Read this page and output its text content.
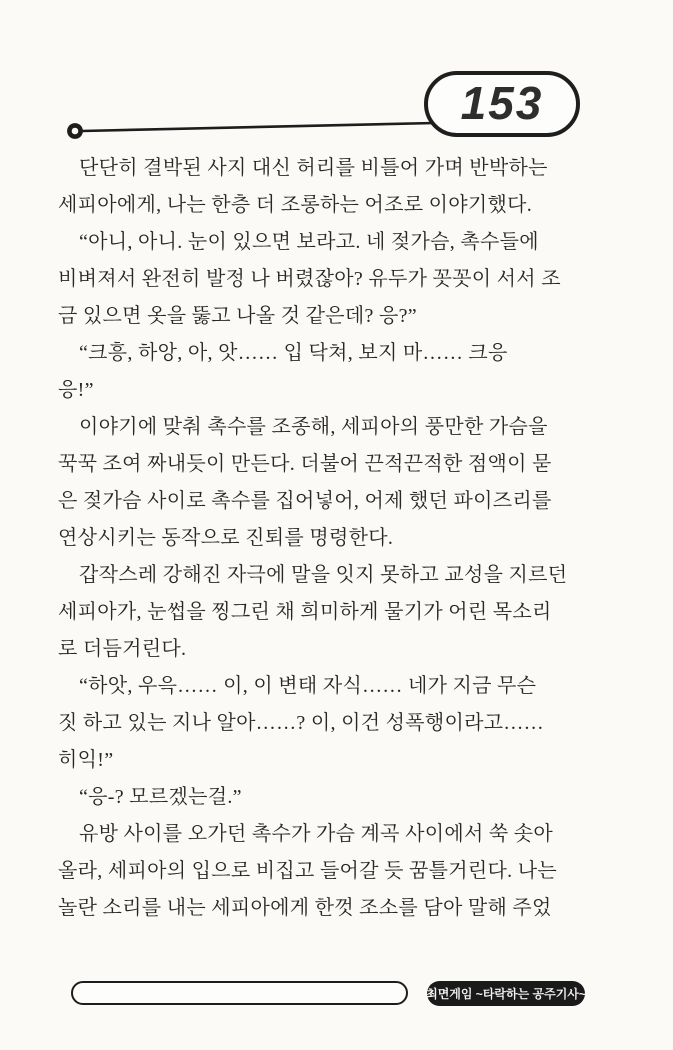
153
단단히 결박된 사지 대신 허리를 비틀어 가며 반박하는
세피아에게, 나는 한층 더 조롱하는 어조로 이야기했다.
“아니, 아니. 눈이 있으면 보라고. 네 젖가슴, 촉수들에
비벼져서 완전히 발정 나 버렸잖아? 유두가 꼿꼿이 서서 조
금 있으면 옷을 뚫고 나올 것 같은데? 응?”
“크흥, 하앙, 아, 앗…… 입 닥쳐, 보지 마…… 크응
응!”
이야기에 맞춰 촉수를 조종해, 세피아의 풍만한 가슴을
꾹꾹 조여 짜내듯이 만든다. 더불어 끈적끈적한 점액이 묻
은 젖가슴 사이로 촉수를 집어넣어, 어제 했던 파이즈리를
연상시키는 동작으로 진퇴를 명령한다.
갑작스레 강해진 자극에 말을 잇지 못하고 교성을 지르던
세피아가, 눈썹을 찡그린 채 희미하게 물기가 어린 목소리
로 더듬거린다.
“하앗, 우윽…… 이, 이 변태 자식…… 네가 지금 무슨
짓 하고 있는 지나 알아……? 이, 이건 성폭행이라고……
히익!”
“응-? 모르겠는걸.”
유방 사이를 오가던 촉수가 가슴 계곡 사이에서 쑥 솟아
올라, 세피아의 입으로 비집고 들어갈 듯 꿈틀거린다. 나는
놀란 소리를 내는 세피아에게 한껏 조소를 담아 말해 주었
최면게임 ~타락하는 공주기사~
